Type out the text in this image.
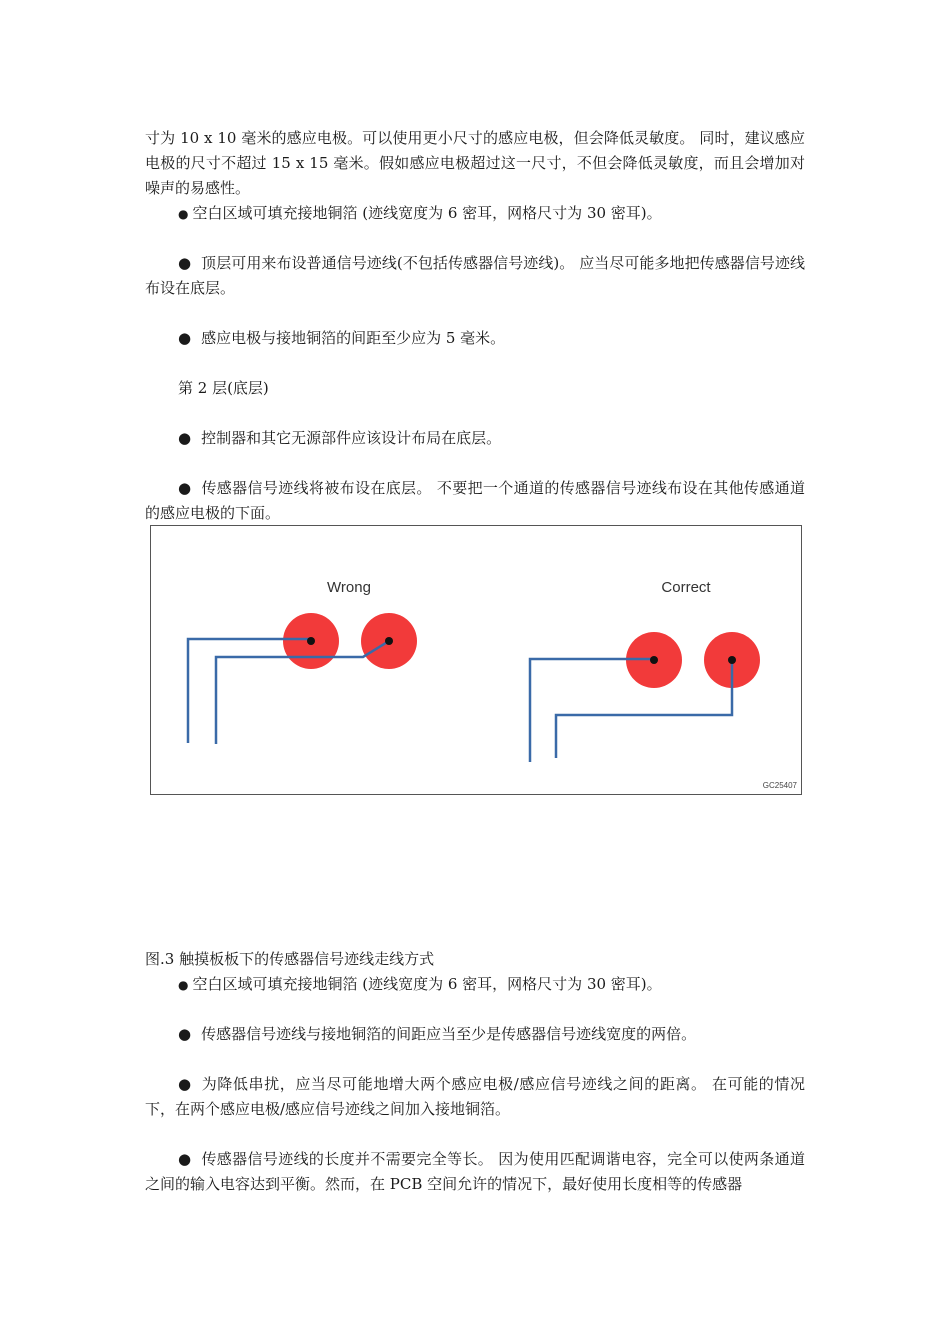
寸为 10 x 10 毫米的感应电极。可以使用更小尺寸的感应电极，但会降低灵敏度。 同时，建议感应电极的尺寸不超过 15 x 15 毫米。假如感应电极超过这一尺寸，不但会降低灵敏度，而且会增加对噪声的易感性。

● 空白区域可填充接地铜箔 (迹线宽度为 6 密耳，网格尺寸为 30 密耳)。

● 顶层可用来布设普通信号迹线(不包括传感器信号迹线)。 应当尽可能多地把传感器信号迹线布设在底层。

● 感应电极与接地铜箔的间距至少应为 5 毫米。

第 2 层(底层)

● 控制器和其它无源部件应该设计布局在底层。

● 传感器信号迹线将被布设在底层。 不要把一个通道的传感器信号迹线布设在其他传感通道的感应电极的下面。

Wrong	Correct
GC25407

图.3 触摸板板下的传感器信号迹线走线方式

● 空白区域可填充接地铜箔 (迹线宽度为 6 密耳，网格尺寸为 30 密耳)。

● 传感器信号迹线与接地铜箔的间距应当至少是传感器信号迹线宽度的两倍。

● 为降低串扰，应当尽可能地增大两个感应电极/感应信号迹线之间的距离。 在可能的情况下，在两个感应电极/感应信号迹线之间加入接地铜箔。

● 传感器信号迹线的长度并不需要完全等长。 因为使用匹配调谐电容，完全可以使两条通道之间的输入电容达到平衡。然而，在 PCB 空间允许的情况下，最好使用长度相等的传感器
